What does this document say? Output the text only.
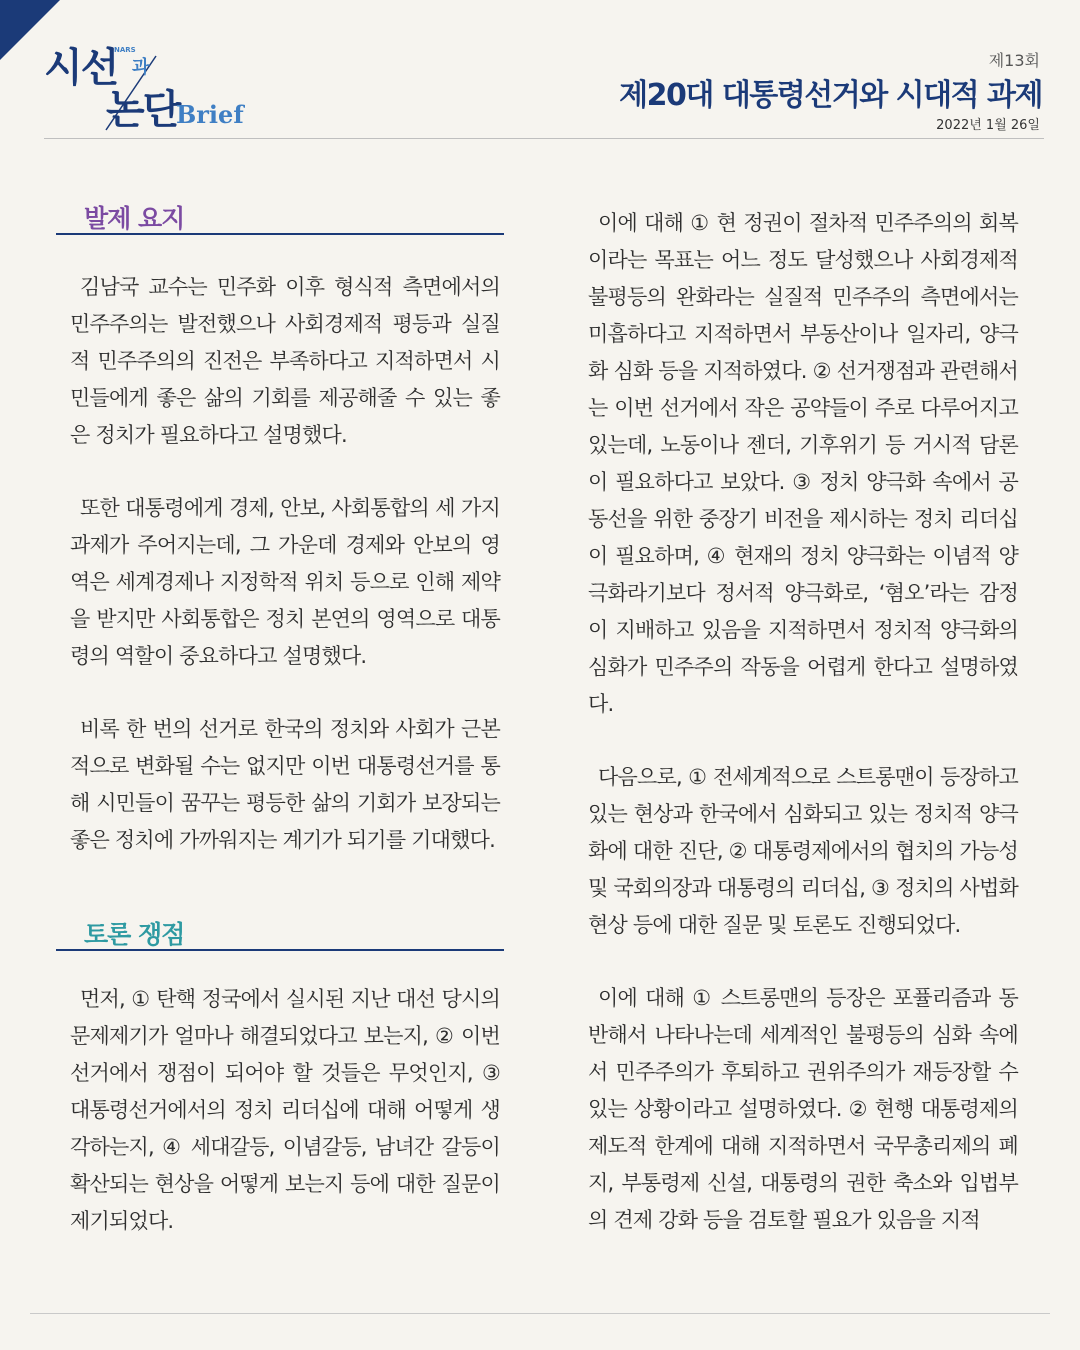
시선
NARS
과
논단
Brief
제13회
제20대 대통령선거와 시대적 과제
2022년 1월 26일
발제 요지

김남국 교수는 민주화 이후 형식적 측면에서의 민주주의는 발전했으나 사회경제적 평등과 실질적 민주주의의 진전은 부족하다고 지적하면서 시민들에게 좋은 삶의 기회를 제공해줄 수 있는 좋은 정치가 필요하다고 설명했다.

또한 대통령에게 경제, 안보, 사회통합의 세 가지 과제가 주어지는데, 그 가운데 경제와 안보의 영역은 세계경제나 지정학적 위치 등으로 인해 제약을 받지만 사회통합은 정치 본연의 영역으로 대통령의 역할이 중요하다고 설명했다.

비록 한 번의 선거로 한국의 정치와 사회가 근본적으로 변화될 수는 없지만 이번 대통령선거를 통해 시민들이 꿈꾸는 평등한 삶의 기회가 보장되는 좋은 정치에 가까워지는 계기가 되기를 기대했다.

토론 쟁점

먼저, ① 탄핵 정국에서 실시된 지난 대선 당시의 문제제기가 얼마나 해결되었다고 보는지, ② 이번 선거에서 쟁점이 되어야 할 것들은 무엇인지, ③ 대통령선거에서의 정치 리더십에 대해 어떻게 생각하는지, ④ 세대갈등, 이념갈등, 남녀간 갈등이 확산되는 현상을 어떻게 보는지 등에 대한 질문이 제기되었다.

이에 대해 ① 현 정권이 절차적 민주주의의 회복이라는 목표는 어느 정도 달성했으나 사회경제적 불평등의 완화라는 실질적 민주주의 측면에서는 미흡하다고 지적하면서 부동산이나 일자리, 양극화 심화 등을 지적하였다. ② 선거쟁점과 관련해서는 이번 선거에서 작은 공약들이 주로 다루어지고 있는데, 노동이나 젠더, 기후위기 등 거시적 담론이 필요하다고 보았다. ③ 정치 양극화 속에서 공동선을 위한 중장기 비전을 제시하는 정치 리더십이 필요하며, ④ 현재의 정치 양극화는 이념적 양극화라기보다 정서적 양극화로, ‘혐오’라는 감정이 지배하고 있음을 지적하면서 정치적 양극화의 심화가 민주주의 작동을 어렵게 한다고 설명하였다.

다음으로, ① 전세계적으로 스트롱맨이 등장하고 있는 현상과 한국에서 심화되고 있는 정치적 양극화에 대한 진단, ② 대통령제에서의 협치의 가능성 및 국회의장과 대통령의 리더십, ③ 정치의 사법화 현상 등에 대한 질문 및 토론도 진행되었다.

이에 대해 ① 스트롱맨의 등장은 포퓰리즘과 동반해서 나타나는데 세계적인 불평등의 심화 속에서 민주주의가 후퇴하고 권위주의가 재등장할 수 있는 상황이라고 설명하였다. ② 현행 대통령제의 제도적 한계에 대해 지적하면서 국무총리제의 폐지, 부통령제 신설, 대통령의 권한 축소와 입법부의 견제 강화 등을 검토할 필요가 있음을 지적
